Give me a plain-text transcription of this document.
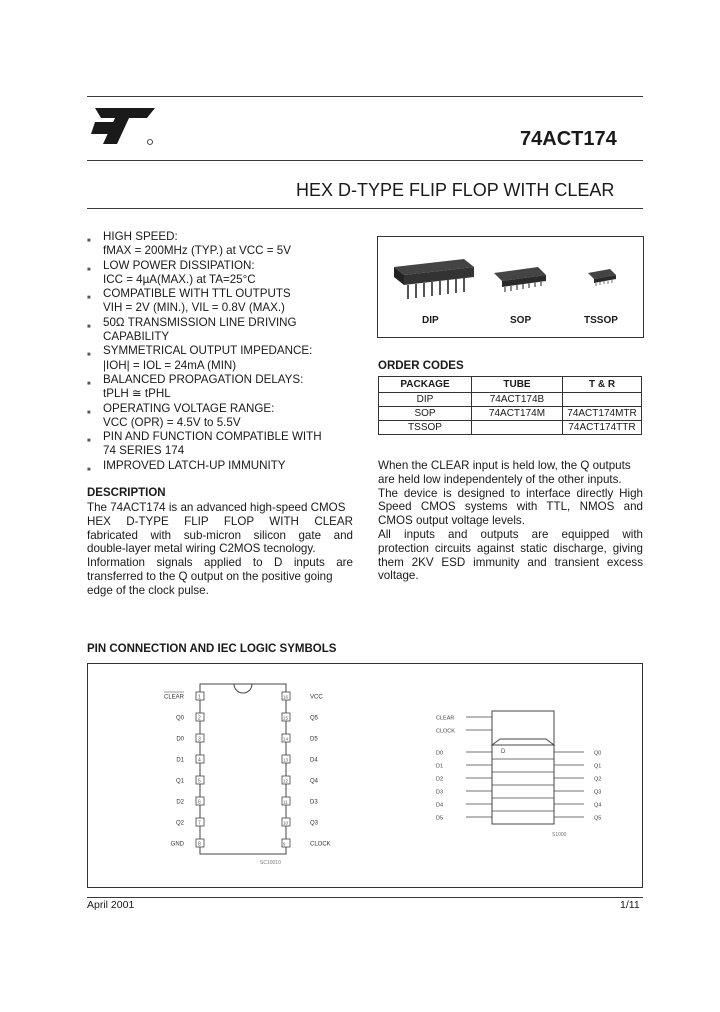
74ACT174
HEX D-TYPE FLIP FLOP WITH CLEAR
■ HIGH SPEED:
fMAX = 200MHz (TYP.) at VCC = 5V
■ LOW POWER DISSIPATION:
ICC = 4µA(MAX.) at TA=25°C
■ COMPATIBLE WITH TTL OUTPUTS
VIH = 2V (MIN.), VIL = 0.8V (MAX.)
■ 50Ω TRANSMISSION LINE DRIVING
CAPABILITY
■ SYMMETRICAL OUTPUT IMPEDANCE:
|IOH| = IOL = 24mA (MIN)
■ BALANCED PROPAGATION DELAYS:
tPLH ≅ tPHL
■ OPERATING VOLTAGE RANGE:
VCC (OPR) = 4.5V to 5.5V
■ PIN AND FUNCTION COMPATIBLE WITH
74 SERIES 174
■ IMPROVED LATCH-UP IMMUNITY
DIP	SOP	TSSOP
ORDER CODES
PACKAGE	TUBE	T & R
DIP	74ACT174B	
SOP	74ACT174M	74ACT174MTR
TSSOP		74ACT174TTR
DESCRIPTION
The 74ACT174 is an advanced high-speed CMOS
HEX D-TYPE FLIP FLOP WITH CLEAR
fabricated with sub-micron silicon gate and
double-layer metal wiring C2MOS tecnology.
Information signals applied to D inputs are
transferred to the Q output on the positive going
edge of the clock pulse.
When the CLEAR input is held low, the Q outputs
are held low independentely of the other inputs.
The device is designed to interface directly High
Speed CMOS systems with TTL, NMOS and
CMOS output voltage levels.
All inputs and outputs are equipped with
protection circuits against static discharge, giving
them 2KV ESD immunity and transient excess
voltage.
PIN CONNECTION AND IEC LOGIC SYMBOLS
1
CLEAR
2
Q0
3
D0
4
D1
5
Q1
6
D2
7
Q2
8
GND
16	VCC
15	Q5
14	D5
13	D4
12	Q4
11	D3
10	Q3
9	CLOCK
SC10010
D
CLEAR
CLOCK
D0
D1
D2
D3
D4
D5
Q0
Q1
Q2
Q3
Q4
Q5
S1000
April 2001	1/11
